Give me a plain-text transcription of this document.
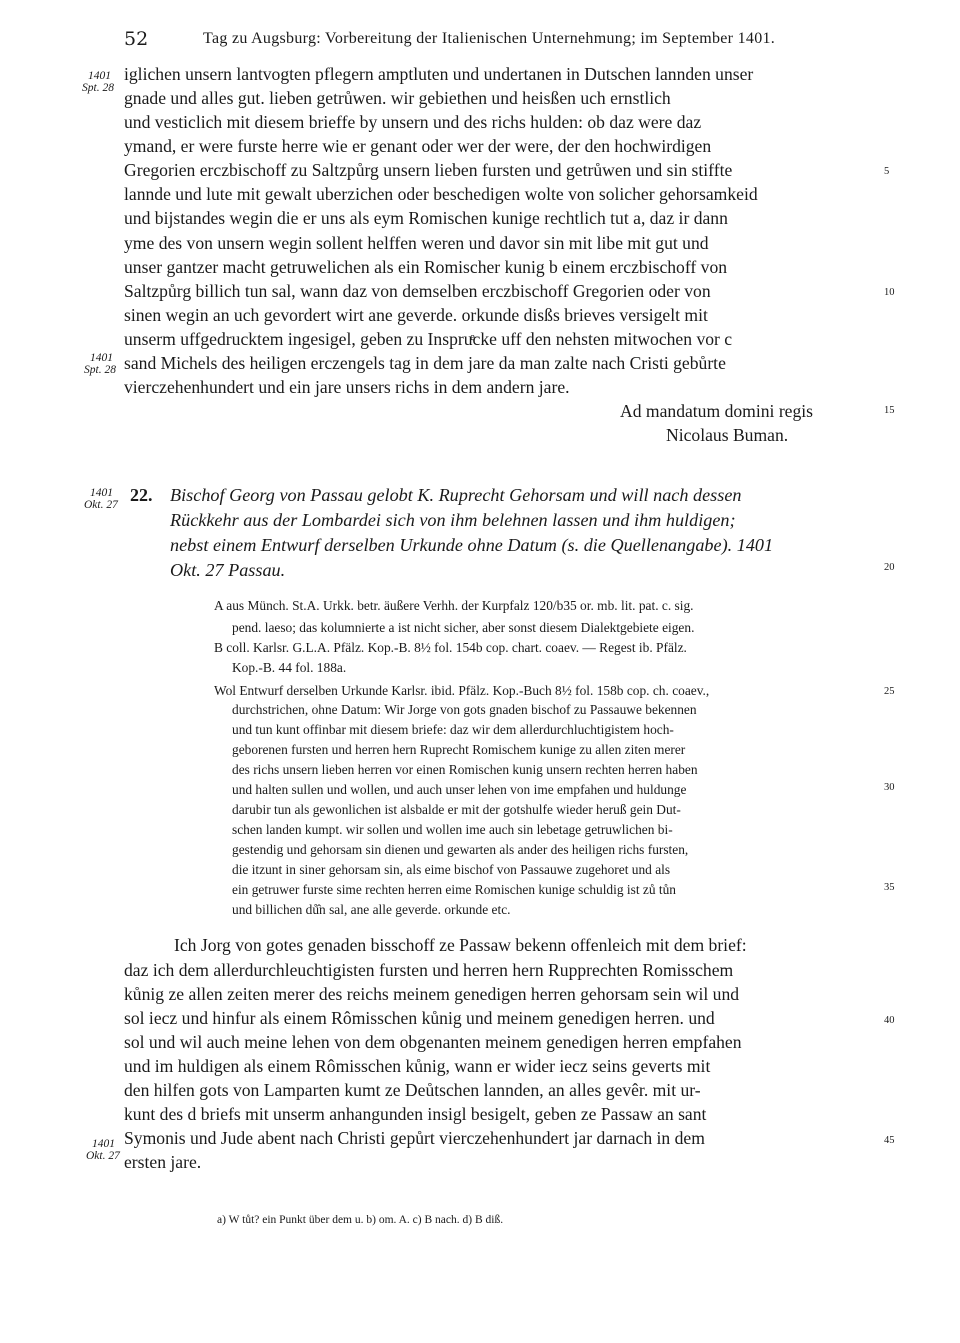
52	Tag zu Augsburg: Vorbereitung der Italienischen Unternehmung; im September 1401.
1401
Spt. 28
1401
Spt. 28
1401
Okt. 27
1401
Okt. 27
5
10
15
20
25
30
35
40
45
iglichen unsern lantvogten pflegern amptluten und undertanen in Dutschen lannden unser
gnade und alles gut. lieben getrůwen. wir gebiethen und heisßen uch ernstlich
und vesticlich mit diesem brieffe by unsern und des richs hulden: ob daz were daz
ymand, er were furste herre wie er genant oder wer der were, der den hochwirdigen
Gregorien erczbischoff zu Saltzpůrg unsern lieben fursten und getrůwen und sin stiffte
lannde und lute mit gewalt uberzichen oder beschedigen wolte von solicher gehorsamkeid
und bijstandes wegin die er uns als eym Romischen kunige rechtlich tut a, daz ir dann
yme des von unsern wegin sollent helffen weren und davor sin mit libe mit gut und
unser gantzer macht getruwelichen als ein Romischer kunig b einem erczbischoff von
Saltzpůrg billich tun sal, wann daz von demselben erczbischoff Gregorien oder von
sinen wegin an uch gevordert wirt ane geverde. orkunde disßs brieves versigelt mit
unserm uffgedrucktem ingesigel, geben zu Inspruͤcke uff den nehsten mitwochen vor c
sand Michels des heiligen erczengels tag in dem jare da man zalte nach Cristi gebůrte
vierczehenhundert und ein jare unsers richs in dem andern jare.
Ad mandatum domini regis
Nicolaus Buman.
22. Bischof Georg von Passau gelobt K. Ruprecht Gehorsam und will nach dessen
Rückkehr aus der Lombardei sich von ihm belehnen lassen und ihm huldigen;
nebst einem Entwurf derselben Urkunde ohne Datum (s. die Quellenangabe). 1401
Okt. 27 Passau.
A aus Münch. St.A. Urkk. betr. äußere Verhh. der Kurpfalz 120/b35 or. mb. lit. pat. c. sig.
pend. laeso; das kolumnierte a ist nicht sicher, aber sonst diesem Dialektgebiete eigen.
B coll. Karlsr. G.L.A. Pfälz. Kop.-B. 8½ fol. 154b cop. chart. coaev. — Regest ib. Pfälz.
Kop.-B. 44 fol. 188a.
Wol Entwurf derselben Urkunde Karlsr. ibid. Pfälz. Kop.-Buch 8½ fol. 158b cop. ch. coaev.,
durchstrichen, ohne Datum: Wir Jorge von gots gnaden bischof zu Passauwe bekennen
und tun kunt offinbar mit diesem briefe: daz wir dem allerdurchluchtigistem hoch-
geborenen fursten und herren hern Ruprecht Romischem kunige zu allen ziten merer
des richs unsern lieben herren vor einen Romischen kunig unsern rechten herren haben
und halten sullen und wollen, und auch unser lehen von ime empfahen und huldunge
darubir tun als gewonlichen ist alsbalde er mit der gotshulfe wieder heruß gein Dut-
schen landen kumpt. wir sollen und wollen ime auch sin lebetage getruwlichen bi-
gestendig und gehorsam sin dienen und gewarten als ander des heiligen richs fursten,
die itzunt in siner gehorsam sin, als eime bischof von Passauwe zugehoret und als
ein getruwer furste sime rechten herren eime Romischen kunige schuldig ist zů tůn
und billichen dů̂n sal, ane alle geverde. orkunde etc.
Ich Jorg von gotes genaden bisschoff ze Passaw bekenn offenleich mit dem brief:
daz ich dem allerdurchleuchtigisten fursten und herren hern Rupprechten Romisschem
kůnig ze allen zeiten merer des reichs meinem genedigen herren gehorsam sein wil und
sol iecz und hinfur als einem Rômisschen kůnig und meinem genedigen herren. und
sol und wil auch meine lehen von dem obgenanten meinem genedigen herren empfahen
und im huldigen als einem Rômisschen kůnig, wann er wider iecz seins geverts mit
den hilfen gots von Lamparten kumt ze Deůtschen lannden, an alles gevêr. mit ur-
kunt des d briefs mit unserm anhangunden insigl besigelt, geben ze Passaw an sant
Symonis und Jude abent nach Christi gepůrt vierczehenhundert jar darnach in dem
ersten jare.
a) W tůt? ein Punkt über dem u. b) om. A. c) B nach. d) B diß.
